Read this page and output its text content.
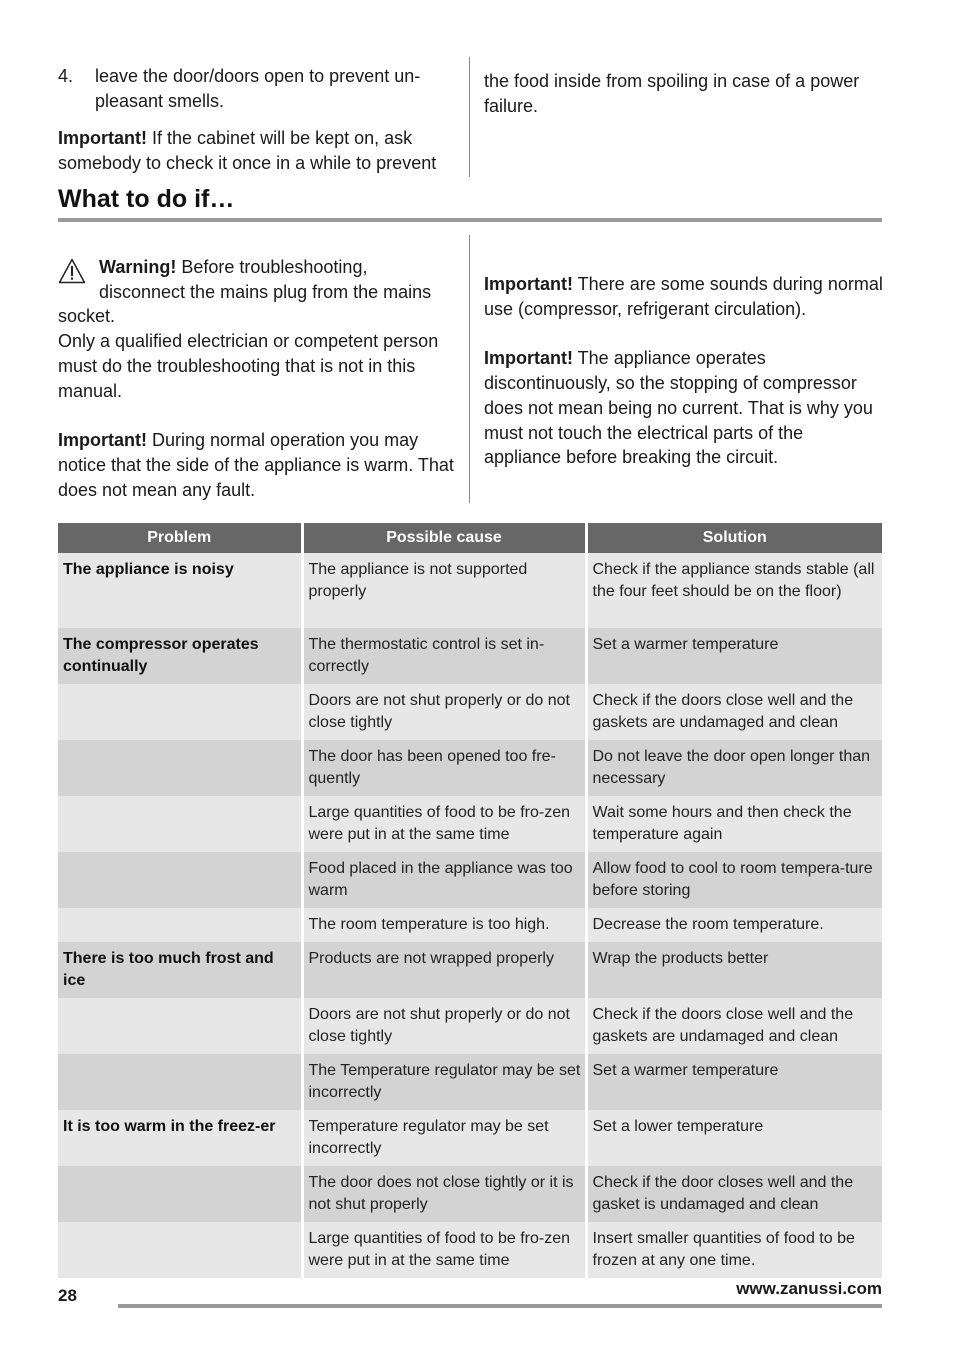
4. leave the door/doors open to prevent un-pleasant smells.

Important! If the cabinet will be kept on, ask somebody to check it once in a while to prevent

the food inside from spoiling in case of a power failure.

What to do if…

Warning! Before troubleshooting, disconnect the mains plug from the mains

socket.

Only a qualified electrician or competent person must do the troubleshooting that is not in this manual.

Important! During normal operation you may notice that the side of the appliance is warm. That does not mean any fault.

Important! There are some sounds during normal use (compressor, refrigerant circulation).

Important! The appliance operates discontinuously, so the stopping of compressor does not mean being no current. That is why you must not touch the electrical parts of the appliance before breaking the circuit.

Problem	Possible cause	Solution
The appliance is noisy	The appliance is not supported properly	Check if the appliance stands stable (all the four feet should be on the floor)
The compressor operates continually	The thermostatic control is set in-correctly	Set a warmer temperature
	Doors are not shut properly or do not close tightly	Check if the doors close well and the gaskets are undamaged and clean
	The door has been opened too fre-quently	Do not leave the door open longer than necessary
	Large quantities of food to be fro-zen were put in at the same time	Wait some hours and then check the temperature again
	Food placed in the appliance was too warm	Allow food to cool to room tempera-ture before storing
	The room temperature is too high.	Decrease the room temperature.
There is too much frost and ice	Products are not wrapped properly	Wrap the products better
	Doors are not shut properly or do not close tightly	Check if the doors close well and the gaskets are undamaged and clean
	The Temperature regulator may be set incorrectly	Set a warmer temperature
It is too warm in the freez-er	Temperature regulator may be set incorrectly	Set a lower temperature
	The door does not close tightly or it is not shut properly	Check if the door closes well and the gasket is undamaged and clean
	Large quantities of food to be fro-zen were put in at the same time	Insert smaller quantities of food to be frozen at any one time.
28	www.zanussi.com
